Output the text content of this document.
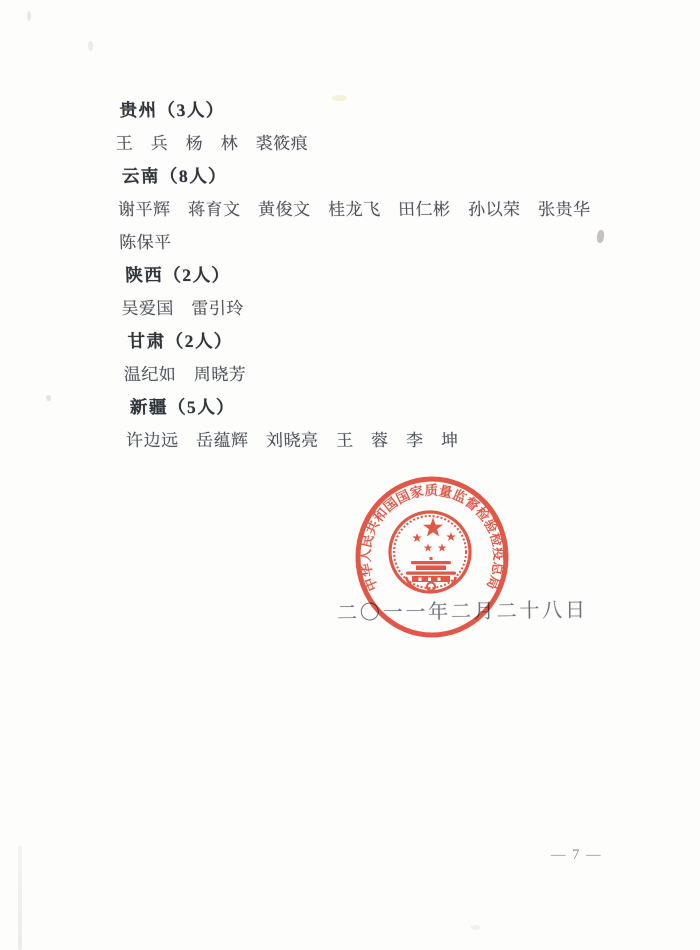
贵州（3人）
王　兵　杨　林　裘筱痕
云南（8人）
谢平辉　蒋育文　黄俊文　桂龙飞　田仁彬　孙以荣　张贵华
陈保平
陕西（2人）
吴爱国　雷引玲
甘肃（2人）
温纪如　周晓芳
新疆（5人）
许边远　岳蕴辉　刘晓亮　王　蓉　李　坤
二〇一一年二月二十八日
中华人民共和国国家质量监督检验检疫总局
— 7 —
